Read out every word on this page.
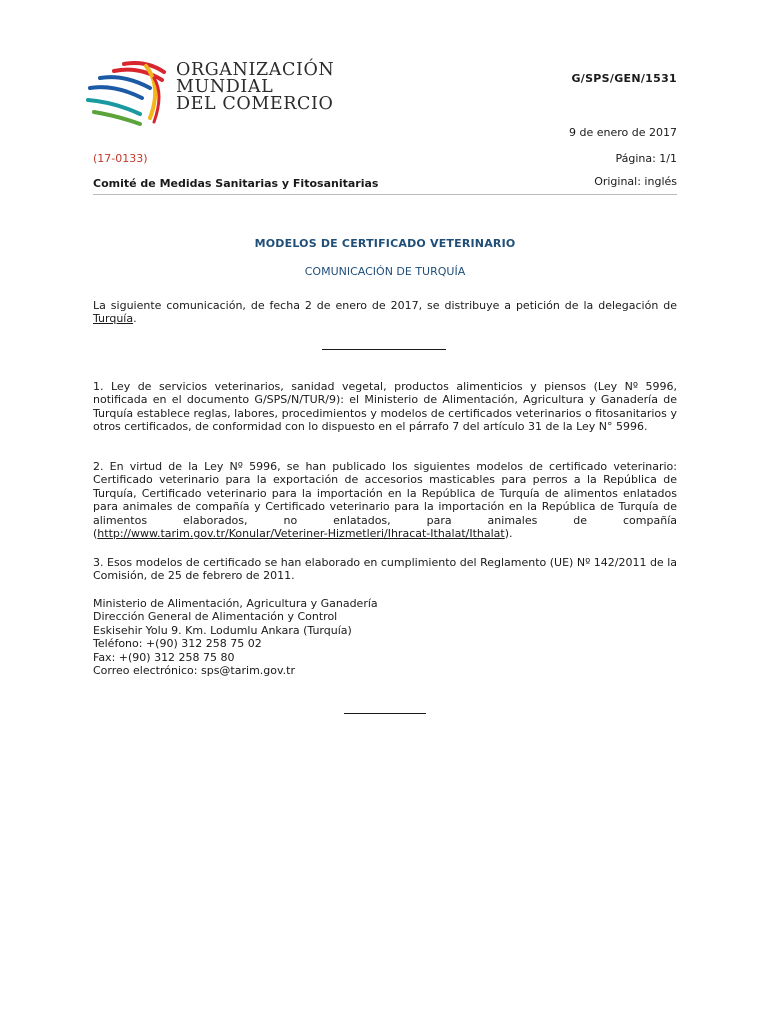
ORGANIZACIÓN
MUNDIAL
DEL COMERCIO
G/SPS/GEN/1531
9 de enero de 2017
(17-0133)	Página: 1/1
Comité de Medidas Sanitarias y Fitosanitarias	Original: inglés
MODELOS DE CERTIFICADO VETERINARIO
COMUNICACIÓN DE TURQUÍA
La siguiente comunicación, de fecha 2 de enero de 2017, se distribuye a petición de la delegación de Turquía.
1. Ley de servicios veterinarios, sanidad vegetal, productos alimenticios y piensos (Ley Nº 5996, notificada en el documento G/SPS/N/TUR/9): el Ministerio de Alimentación, Agricultura y Ganadería de Turquía establece reglas, labores, procedimientos y modelos de certificados veterinarios o fitosanitarios y otros certificados, de conformidad con lo dispuesto en el párrafo 7 del artículo 31 de la Ley N° 5996.
2. En virtud de la Ley Nº 5996, se han publicado los siguientes modelos de certificado veterinario: Certificado veterinario para la exportación de accesorios masticables para perros a la República de Turquía, Certificado veterinario para la importación en la República de Turquía de alimentos enlatados para animales de compañía y Certificado veterinario para la importación en la República de Turquía de alimentos elaborados, no enlatados, para animales de compañía (http://www.tarim.gov.tr/Konular/Veteriner-Hizmetleri/Ihracat-Ithalat/Ithalat).
3. Esos modelos de certificado se han elaborado en cumplimiento del Reglamento (UE) Nº 142/2011 de la Comisión, de 25 de febrero de 2011.
Ministerio de Alimentación, Agricultura y Ganadería
Dirección General de Alimentación y Control
Eskisehir Yolu 9. Km. Lodumlu Ankara (Turquía)
Teléfono: +(90) 312 258 75 02
Fax: +(90) 312 258 75 80
Correo electrónico: sps@tarim.gov.tr
